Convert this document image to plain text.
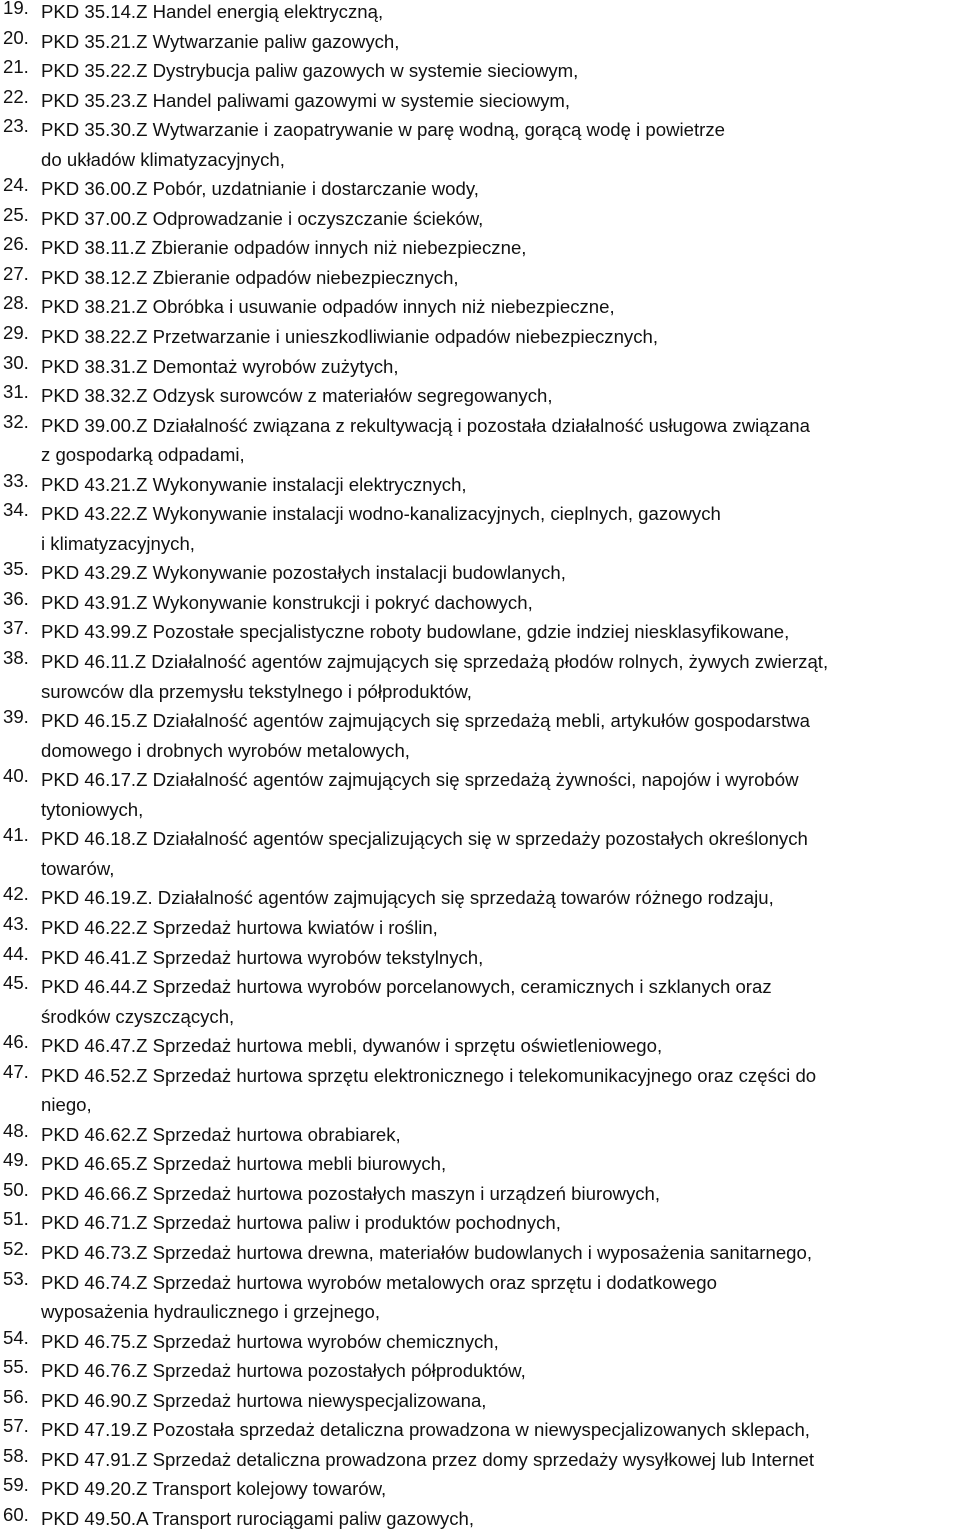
19. PKD 35.14.Z Handel energią elektryczną,
20. PKD 35.21.Z Wytwarzanie paliw gazowych,
21. PKD 35.22.Z Dystrybucja paliw gazowych w systemie sieciowym,
22. PKD 35.23.Z Handel paliwami gazowymi w systemie sieciowym,
23. PKD 35.30.Z Wytwarzanie i zaopatrywanie w parę wodną, gorącą wodę i powietrze
do układów klimatyzacyjnych,
24. PKD 36.00.Z Pobór, uzdatnianie i dostarczanie wody,
25. PKD 37.00.Z Odprowadzanie i oczyszczanie ścieków,
26. PKD 38.11.Z Zbieranie odpadów innych niż niebezpieczne,
27. PKD 38.12.Z Zbieranie odpadów niebezpiecznych,
28. PKD 38.21.Z Obróbka i usuwanie odpadów innych niż niebezpieczne,
29. PKD 38.22.Z Przetwarzanie i unieszkodliwianie odpadów niebezpiecznych,
30. PKD 38.31.Z Demontaż wyrobów zużytych,
31. PKD 38.32.Z Odzysk surowców z materiałów segregowanych,
32. PKD 39.00.Z Działalność związana z rekultywacją i pozostała działalność usługowa związana
z gospodarką odpadami,
33. PKD 43.21.Z Wykonywanie instalacji elektrycznych,
34. PKD 43.22.Z Wykonywanie instalacji wodno-kanalizacyjnych, cieplnych, gazowych
i klimatyzacyjnych,
35. PKD 43.29.Z Wykonywanie pozostałych instalacji budowlanych,
36. PKD 43.91.Z Wykonywanie konstrukcji i pokryć dachowych,
37. PKD 43.99.Z Pozostałe specjalistyczne roboty budowlane, gdzie indziej niesklasyfikowane,
38. PKD 46.11.Z Działalność agentów zajmujących się sprzedażą płodów rolnych, żywych zwierząt,
surowców dla przemysłu tekstylnego i półproduktów,
39. PKD 46.15.Z Działalność agentów zajmujących się sprzedażą mebli, artykułów gospodarstwa
domowego i drobnych wyrobów metalowych,
40. PKD 46.17.Z Działalność agentów zajmujących się sprzedażą żywności, napojów i wyrobów
tytoniowych,
41. PKD 46.18.Z Działalność agentów specjalizujących się w sprzedaży pozostałych określonych
towarów,
42. PKD 46.19.Z. Działalność agentów zajmujących się sprzedażą towarów różnego rodzaju,
43. PKD 46.22.Z Sprzedaż hurtowa kwiatów i roślin,
44. PKD 46.41.Z Sprzedaż hurtowa wyrobów tekstylnych,
45. PKD 46.44.Z Sprzedaż hurtowa wyrobów porcelanowych, ceramicznych i szklanych oraz
środków czyszczących,
46. PKD 46.47.Z Sprzedaż hurtowa mebli, dywanów i sprzętu oświetleniowego,
47. PKD 46.52.Z Sprzedaż hurtowa sprzętu elektronicznego i telekomunikacyjnego oraz części do
niego,
48. PKD 46.62.Z Sprzedaż hurtowa obrabiarek,
49. PKD 46.65.Z Sprzedaż hurtowa mebli biurowych,
50. PKD 46.66.Z Sprzedaż hurtowa pozostałych maszyn i urządzeń biurowych,
51. PKD 46.71.Z Sprzedaż hurtowa paliw i produktów pochodnych,
52. PKD 46.73.Z Sprzedaż hurtowa drewna, materiałów budowlanych i wyposażenia sanitarnego,
53. PKD 46.74.Z Sprzedaż hurtowa wyrobów metalowych oraz sprzętu i dodatkowego
wyposażenia hydraulicznego i grzejnego,
54. PKD 46.75.Z Sprzedaż hurtowa wyrobów chemicznych,
55. PKD 46.76.Z Sprzedaż hurtowa pozostałych półproduktów,
56. PKD 46.90.Z Sprzedaż hurtowa niewyspecjalizowana,
57. PKD 47.19.Z Pozostała sprzedaż detaliczna prowadzona w niewyspecjalizowanych sklepach,
58. PKD 47.91.Z Sprzedaż detaliczna prowadzona przez domy sprzedaży wysyłkowej lub Internet
59. PKD 49.20.Z Transport kolejowy towarów,
60. PKD 49.50.A Transport rurociągami paliw gazowych,
